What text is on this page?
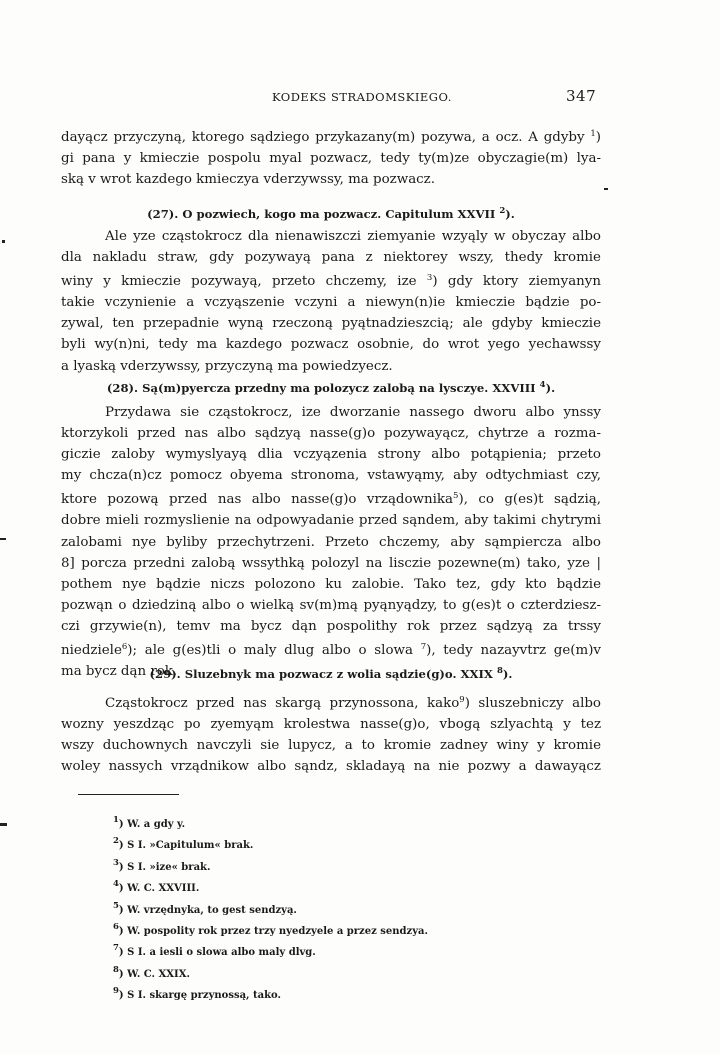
KODEKS STRADOMSKIEGO.	347
dayącz przyczyną, ktorego sądziego przykazany(m) pozywa, a ocz. A gdyby $^1$)
gi pana y kmieczie pospolu myal pozwacz, tedy ty(m)ze obyczagie(m) lya-
ską v wrot kazdego kmieczya vderzywssy, ma pozwacz.
(27). O pozwiech, kogo ma pozwacz. Capitulum XXVII $^2$).
Ale yze cząstokrocz dla nienawiszczi ziemyanie wzyąly w obyczay albo
dla nakladu straw, gdy pozywayą pana z niektorey wszy, thedy kromie
winy y kmieczie pozywayą, przeto chczemy, ize $^3$) gdy ktory ziemyanyn
takie vczynienie a vczyąszenie vczyni a niewyn(n)ie kmieczie bądzie po-
zywal, ten przepadnie wyną rzeczoną pyątnadzieszcią; ale gdyby kmieczie
byli wy(n)ni, tedy ma kazdego pozwacz osobnie, do wrot yego yechawssy
a lyaską vderzywssy, przyczyną ma powiedzyecz.
(28). Są(m)pyercza przedny ma polozycz zalobą na lysczye. XXVIII $^4$).
Przydawa sie cząstokrocz, ize dworzanie nassego dworu albo ynssy
ktorzykoli przed nas albo sądzyą nasse(g)o pozywayącz, chytrze a rozma-
giczie zaloby wymyslyayą dlia vczyązenia strony albo potąpienia; przeto
my chcza(n)cz pomocz obyema stronoma, vstawyąmy, aby odtychmiast czy,
ktore pozową przed nas albo nasse(g)o vrządownika$^5$), co g(es)t sądzią,
dobre mieli rozmyslienie na odpowyadanie przed sąndem, aby takimi chytrymi
zalobami nye byliby przechytrzeni. Przeto chczemy, aby sąmpiercza albo
8] porcza przedni zalobą wssythką polozyl na lisczie pozewne(m) tako, yze |
pothem nye bądzie niczs polozono ku zalobie. Tako tez, gdy kto bądzie
pozwąn o dziedziną albo o wielką sv(m)mą pyąnyądzy, to g(es)t o czterdziesz-
czi grzywie(n), temv ma bycz dąn pospolithy rok przez sądzyą za trssy
niedziele$^6$); ale g(es)tli o maly dlug albo o slowa $^7$), tedy nazayvtrz ge(m)v
ma bycz dąn rok.
(29). Sluzebnyk ma pozwacz z wolia sądzie(g)o. XXIX $^8$).
Cząstokrocz przed nas skargą przynossona, kako$^9$) sluszebniczy albo
wozny yeszdząc po zyemyąm krolestwa nasse(g)o, vbogą szlyachtą y tez
wszy duchownych navczyli sie lupycz, a to kromie zadney winy y kromie
woley nassych vrządnikow albo sąndz, skladayą na nie pozwy a dawayącz
$^1$) W. a gdy y.
$^2$) S I. »Capitulum« brak.
$^3$) S I. »ize« brak.
$^4$) W. C. XXVIII.
$^5$) W. vrzędnyka, to gest sendzyą.
$^6$) W. pospolity rok przez trzy nyedzyele a przez sendzya.
$^7$) S I. a iesli o slowa albo maly dlvg.
$^8$) W. C. XXIX.
$^9$) S I. skargę przynossą, tako.
